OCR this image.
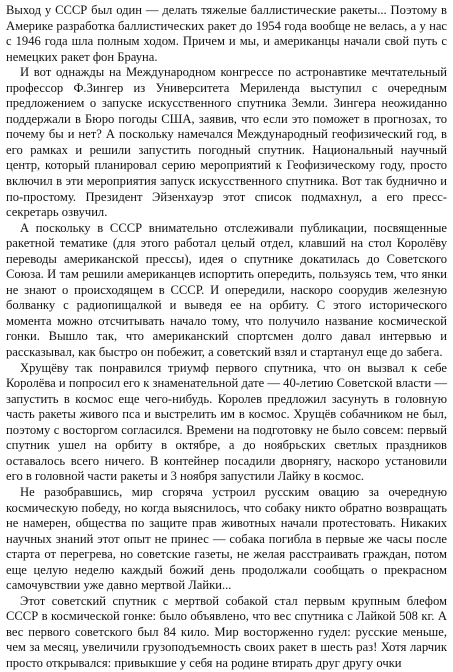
Выход у СССР был один — делать тяжелые баллистические ракеты... Поэтому в Америке разработка баллистических ракет до 1954 года вообще не велась, а у нас с 1946 года шла полным ходом. Причем и мы, и американцы начали свой путь с немецких ракет фон Брауна.

И вот однажды на Международном конгрессе по астронавтике мечтательный профессор Ф.Зингер из Университета Мериленда выступил с очередным предложением о запуске искусственного спутника Земли. Зингера неожиданно поддержали в Бюро погоды США, заявив, что если это поможет в прогнозах, то почему бы и нет? А поскольку намечался Международный геофизический год, в его рамках и решили запустить погодный спутник. Национальный научный центр, который планировал серию мероприятий к Геофизическому году, просто включил в эти мероприятия запуск искусственного спутника. Вот так буднично и по-простому. Президент Эйзенхауэр этот список подмахнул, а его пресс-секретарь озвучил.

А поскольку в СССР внимательно отслеживали публикации, посвященные ракетной тематике (для этого работал целый отдел, клавший на стол Королёву переводы американской прессы), идея о спутнике докатилась до Советского Союза. И там решили американцев испортить опередить, пользуясь тем, что янки не знают о происходящем в СССР. И опередили, наскоро соорудив железную болванку с радиопищалкой и выведя ее на орбиту. С этого исторического момента можно отсчитывать начало тому, что получило название космической гонки. Вышло так, что американский спортсмен долго давал интервью и рассказывал, как быстро он побежит, а советский взял и стартанул еще до забега.

Хрущёву так понравился триумф первого спутника, что он вызвал к себе Королёва и попросил его к знаменательной дате — 40-летию Советской власти — запустить в космос еще чего-нибудь. Королев предложил засунуть в головную часть ракеты живого пса и выстрелить им в космос. Хрущёв собачником не был, поэтому с восторгом согласился. Времени на подготовку не было совсем: первый спутник ушел на орбиту в октябре, а до ноябрьских светлых праздников оставалось всего ничего. В контейнер посадили дворнягу, наскоро установили его в головной части ракеты и 3 ноября запустили Лайку в космос.

Не разобравшись, мир сгоряча устроил русским овацию за очередную космическую победу, но когда выяснилось, что собаку никто обратно возвращать не намерен, общества по защите прав животных начали протестовать. Никаких научных знаний этот опыт не принес — собака погибла в первые же часы после старта от перегрева, но советские газеты, не желая расстраивать граждан, потом еще целую неделю каждый божий день продолжали сообщать о прекрасном самочувствии уже давно мертвой Лайки...

Этот советский спутник с мертвой собакой стал первым крупным блефом СССР в космической гонке: было объявлено, что вес спутника с Лайкой 508 кг. А вес первого советского был 84 кило. Мир восторженно гудел: русские меньше, чем за месяц, увеличили грузоподъемность своих ракет в шесть раз! Хотя ларчик просто открывался: привыкшие у себя на родине втирать друг другу очки
